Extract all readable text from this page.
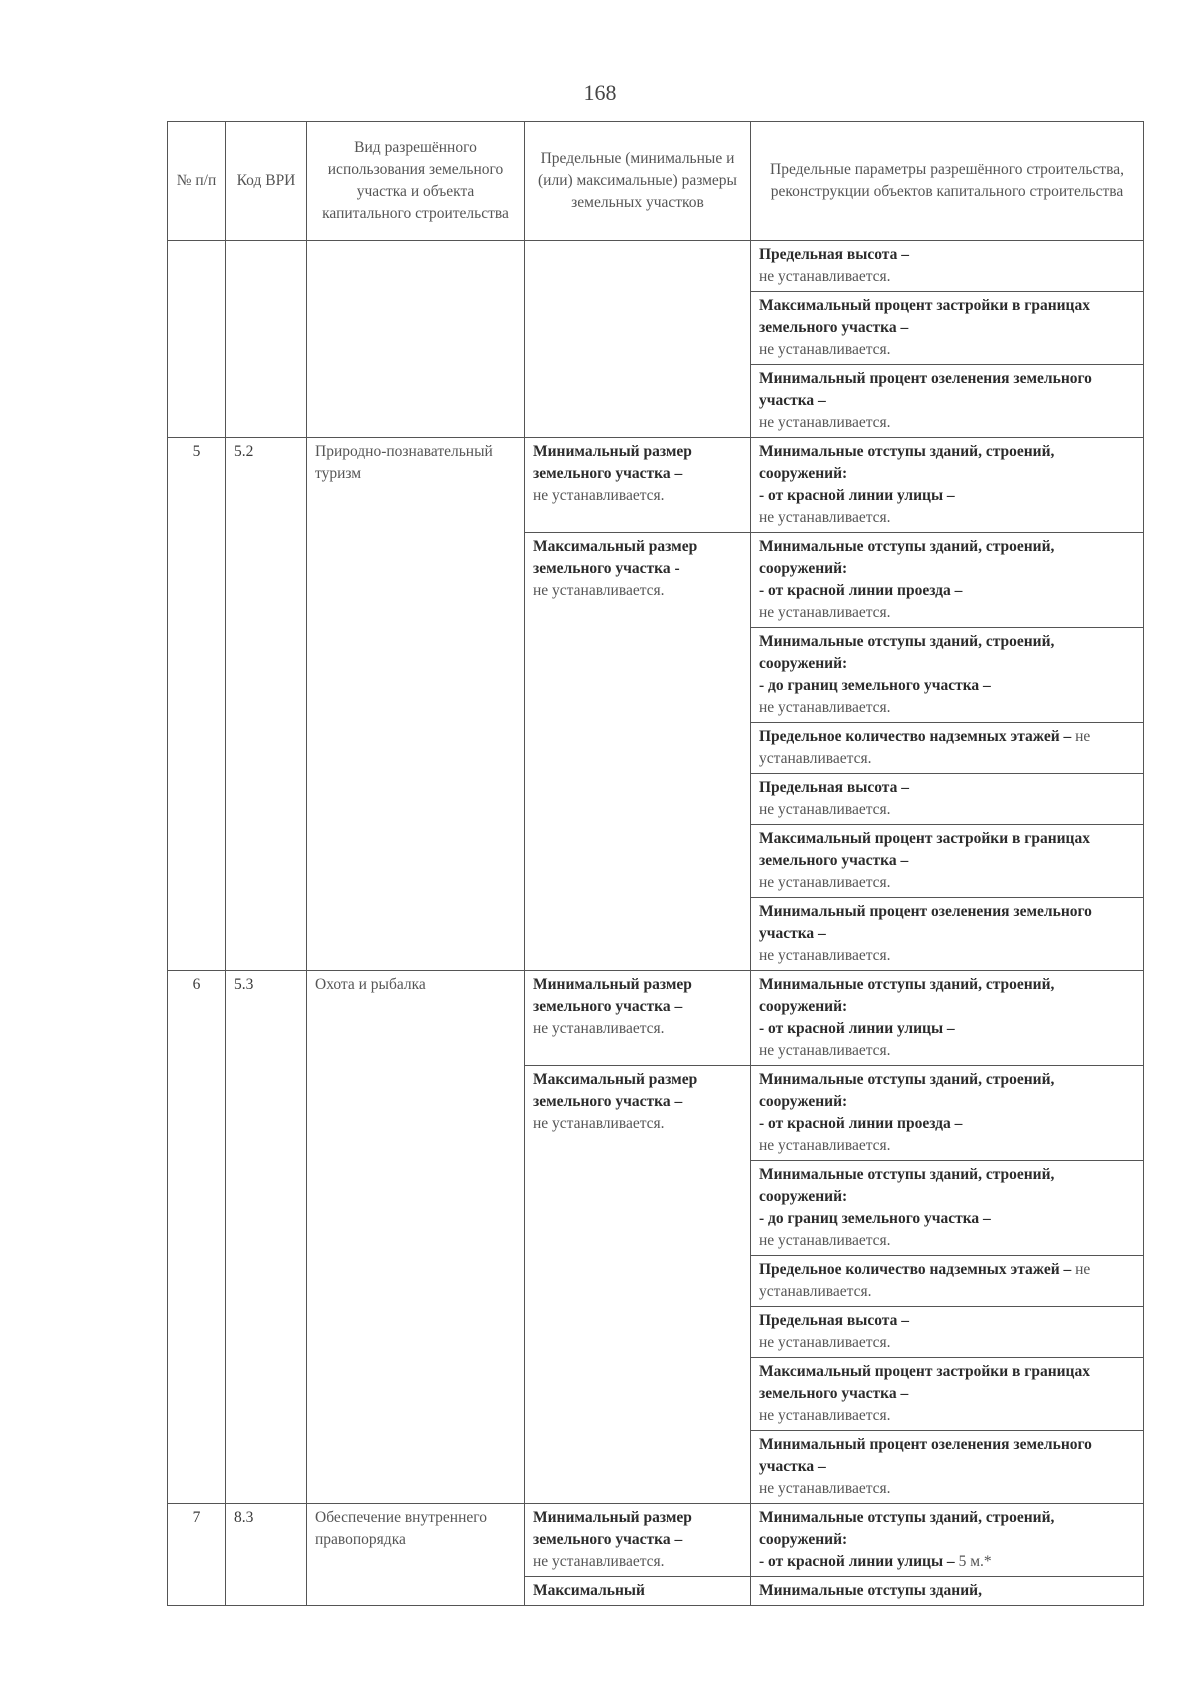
168
№ п/п	Код ВРИ	Вид разрешённого использования земельного участка и объекта капитального строительства	Предельные (минимальные и (или) максимальные) размеры земельных участков	Предельные параметры разрешённого строительства, реконструкции объектов капитального строительства
				Предельная высота –
не устанавливается.
				Максимальный процент застройки в границах земельного участка –
не устанавливается.
				Минимальный процент озеленения земельного участка –
не устанавливается.
5	5.2	Природно-познавательный туризм	Минимальный размер земельного участка –
не устанавливается.	Минимальные отступы зданий, строений, сооружений:
- от красной линии улицы –
не устанавливается.
			Максимальный размер земельного участка -
не устанавливается.	Минимальные отступы зданий, строений, сооружений:
- от красной линии проезда –
не устанавливается.
				Минимальные отступы зданий, строений, сооружений:
- до границ земельного участка –
не устанавливается.
				Предельное количество надземных этажей – не устанавливается.
				Предельная высота –
не устанавливается.
				Максимальный процент застройки в границах земельного участка –
не устанавливается.
				Минимальный процент озеленения земельного участка –
не устанавливается.
6	5.3	Охота и рыбалка	Минимальный размер земельного участка –
не устанавливается.	Минимальные отступы зданий, строений, сооружений:
- от красной линии улицы –
не устанавливается.
			Максимальный размер земельного участка –
не устанавливается.	Минимальные отступы зданий, строений, сооружений:
- от красной линии проезда –
не устанавливается.
				Минимальные отступы зданий, строений, сооружений:
- до границ земельного участка –
не устанавливается.
				Предельное количество надземных этажей – не устанавливается.
				Предельная высота –
не устанавливается.
				Максимальный процент застройки в границах земельного участка –
не устанавливается.
				Минимальный процент озеленения земельного участка –
не устанавливается.
7	8.3	Обеспечение внутреннего правопорядка	Минимальный размер земельного участка –
не устанавливается.	Минимальные отступы зданий, строений, сооружений:
- от красной линии улицы – 5 м.*
			Максимальный	Минимальные отступы зданий,
